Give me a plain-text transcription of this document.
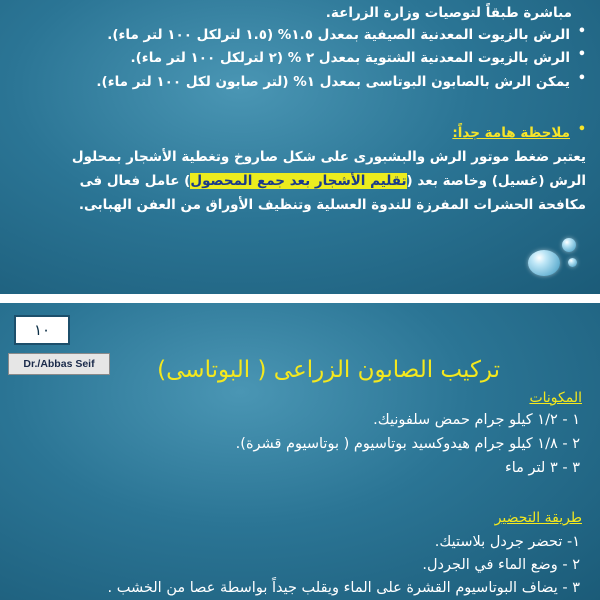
مباشرة طبقاً لتوصيات وزارة الزراعة.
•
الرش بالزيوت المعدنية الصيفية بمعدل ١.٥% (١.٥ لترلكل ١٠٠ لتر ماء).
•
الرش بالزيوت المعدنية الشتوية بمعدل ٢ % (٢ لترلكل ١٠٠ لتر ماء).
•
يمكن الرش بالصابون البوتاسى بمعدل ١% (لتر صابون لكل ١٠٠ لتر ماء).
•
ملاحظة هامة جداً:
يعتبر ضغط موتور الرش والبشبورى على شكل صاروخ وتغطية الأشجار بمحلول
الرش (غسيل) وخاصة بعد (تقليم الأشجار بعد جمع المحصول) عامل فعال فى
مكافحة الحشرات المفرزة للندوة العسلية وتنظيف الأوراق من العفن الهبابى.
١٠
Dr./Abbas Seif	تركيب الصابون الزراعى ( البوتاسى)
المكونات
١ - ١/٢ كيلو جرام حمض سلفونيك.
٢ - ١/٨ كيلو جرام هيدوكسيد بوتاسيوم ( بوتاسيوم قشرة).
٣ - ٣ لتر ماء
طريقة التحضير
١- تحضر جردل بلاستيك.
٢ - وضع الماء في الجردل.
٣ - يضاف البوتاسيوم القشرة على الماء ويقلب جيداً بواسطة عصا من الخشب .
